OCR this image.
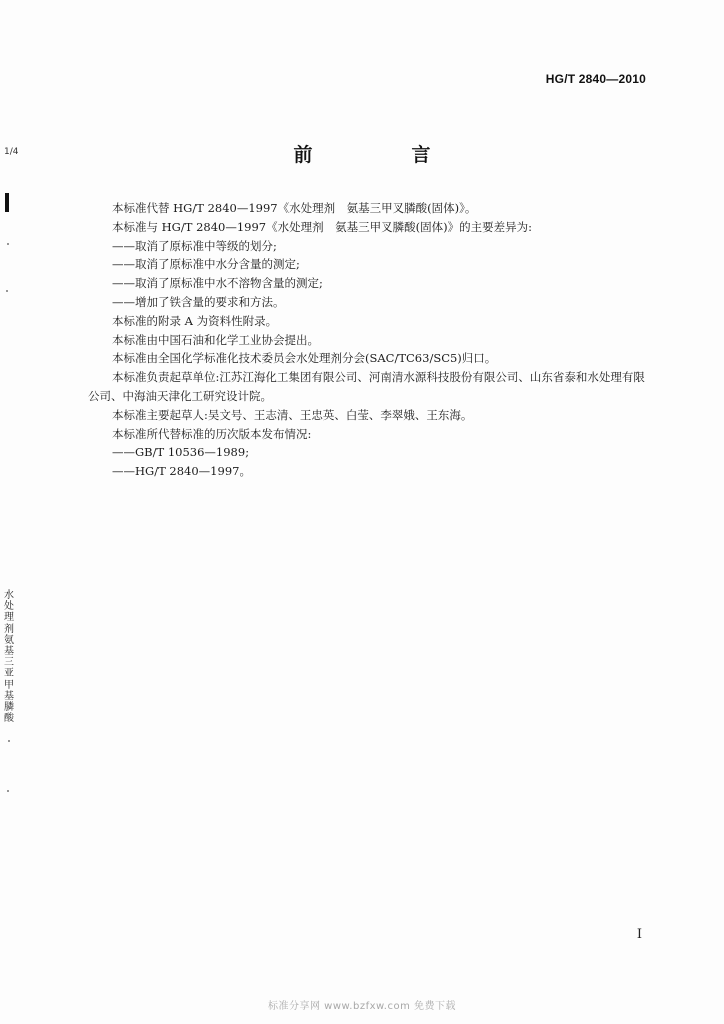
HG/T 2840—2010
1/4	前　言

本标准代替 HG/T 2840—1997《水处理剂　氨基三甲叉膦酸(固体)》。

本标准与 HG/T 2840—1997《水处理剂　氨基三甲叉膦酸(固体)》的主要差异为:

——取消了原标准中等级的划分;

——取消了原标准中水分含量的测定;

——取消了原标准中水不溶物含量的测定;

——增加了铁含量的要求和方法。

本标准的附录 A 为资料性附录。

本标准由中国石油和化学工业协会提出。

本标准由全国化学标准化技术委员会水处理剂分会(SAC/TC63/SC5)归口。

本标准负责起草单位:江苏江海化工集团有限公司、河南清水源科技股份有限公司、山东省泰和水处理有限公司、中海油天津化工研究设计院。

本标准主要起草人:吴文号、王志清、王忠英、白莹、李翠娥、王东海。

本标准所代替标准的历次版本发布情况:

——GB/T 10536—1989;

——HG/T 2840—1997。

水处理剂　氨基三亚甲基膦酸
I
标准分享网 www.bzfxw.com 免费下载
